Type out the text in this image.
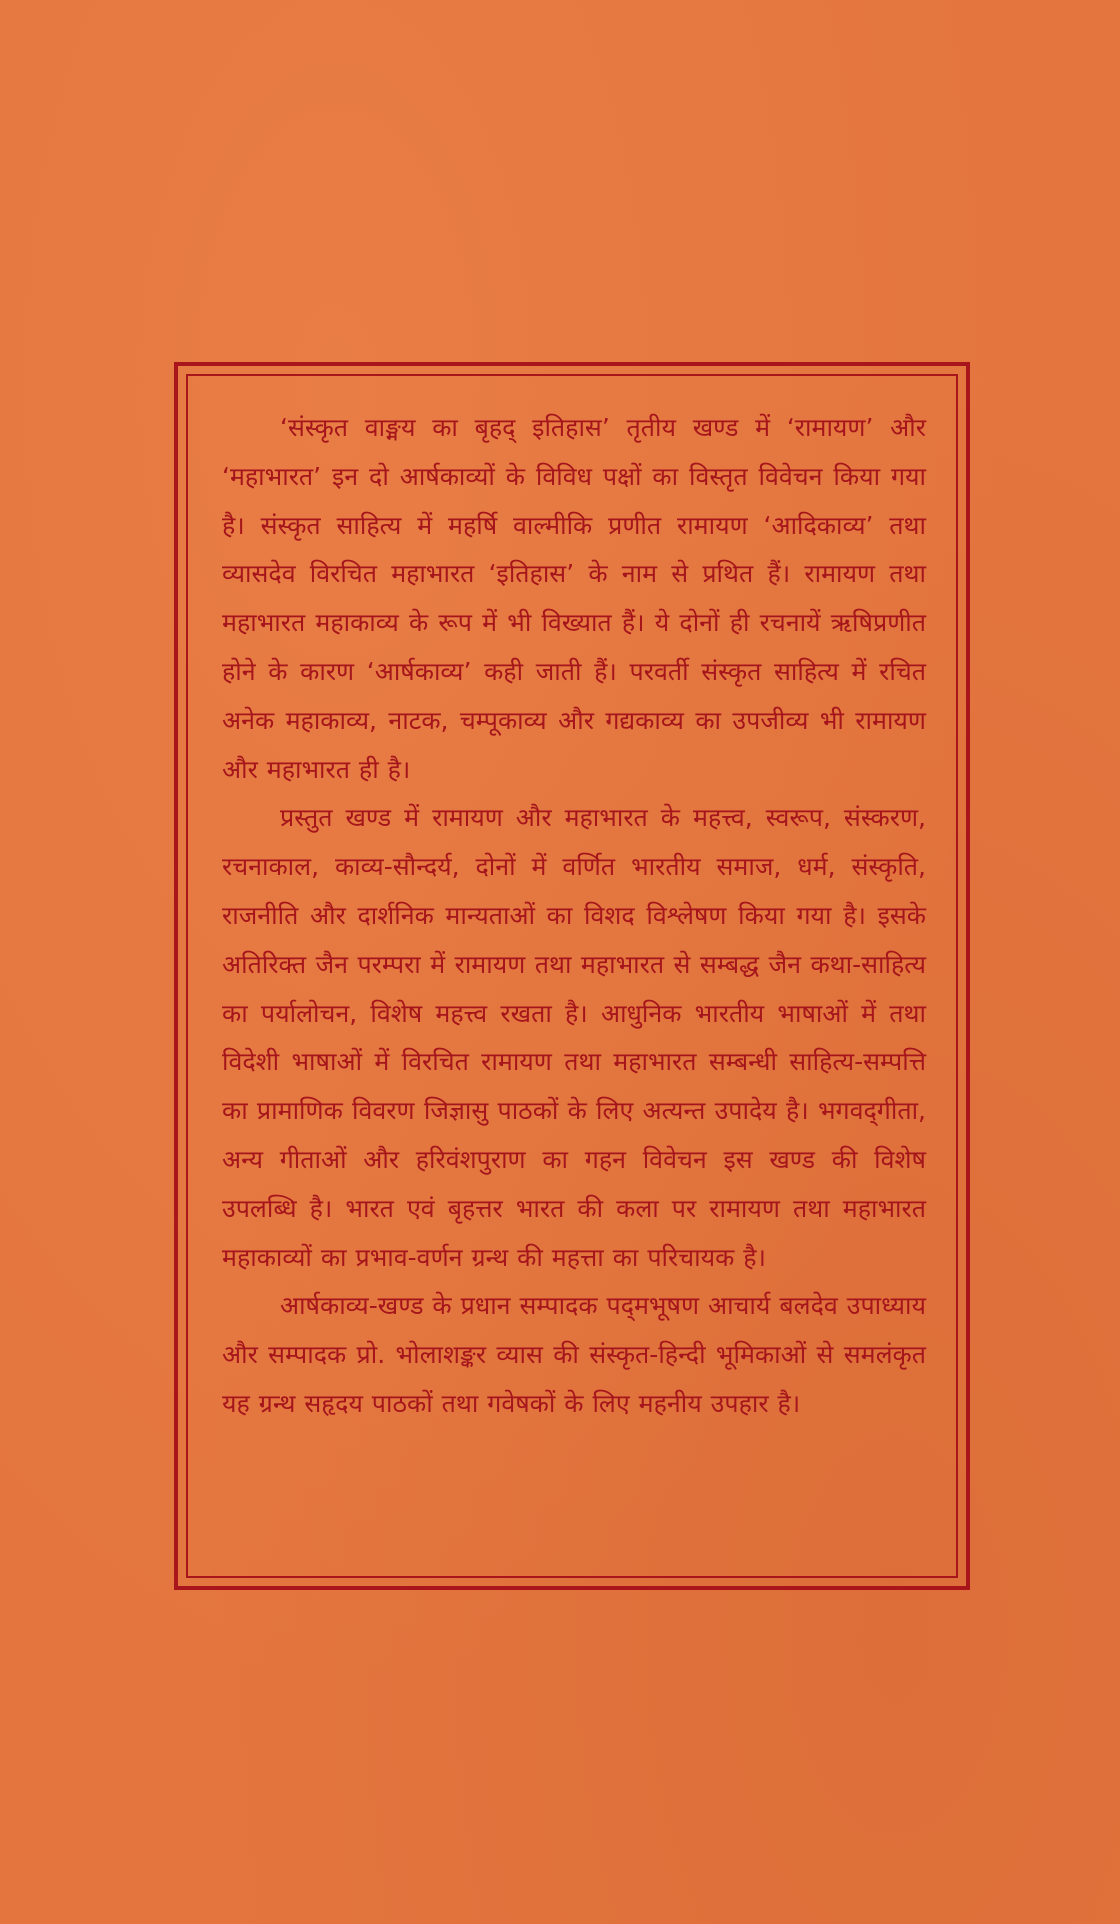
‘संस्कृत वाङ्मय का बृहद् इतिहास’ तृतीय खण्ड में ‘रामायण’ और ‘महाभारत’ इन दो आर्षकाव्यों के विविध पक्षों का विस्तृत विवेचन किया गया है। संस्कृत साहित्य में महर्षि वाल्मीकि प्रणीत रामायण ‘आदिकाव्य’ तथा व्यासदेव विरचित महाभारत ‘इतिहास’ के नाम से प्रथित हैं। रामायण तथा महाभारत महाकाव्य के रूप में भी विख्यात हैं। ये दोनों ही रचनायें ऋषिप्रणीत होने के कारण ‘आर्षकाव्य’ कही जाती हैं। परवर्ती संस्कृत साहित्य में रचित अनेक महाकाव्य, नाटक, चम्पूकाव्य और गद्यकाव्य का उपजीव्य भी रामायण और महाभारत ही है।

प्रस्तुत खण्ड में रामायण और महाभारत के महत्त्व, स्वरूप, संस्करण, रचनाकाल, काव्य-सौन्दर्य, दोनों में वर्णित भारतीय समाज, धर्म, संस्कृति, राजनीति और दार्शनिक मान्यताओं का विशद विश्लेषण किया गया है। इसके अतिरिक्त जैन परम्परा में रामायण तथा महाभारत से सम्बद्ध जैन कथा-साहित्य का पर्यालोचन, विशेष महत्त्व रखता है। आधुनिक भारतीय भाषाओं में तथा विदेशी भाषाओं में विरचित रामायण तथा महाभारत सम्बन्धी साहित्य-सम्पत्ति का प्रामाणिक विवरण जिज्ञासु पाठकों के लिए अत्यन्त उपादेय है। भगवद्‌गीता, अन्य गीताओं और हरिवंशपुराण का गहन विवेचन इस खण्ड की विशेष उपलब्धि है। भारत एवं बृहत्तर भारत की कला पर रामायण तथा महाभारत महाकाव्यों का प्रभाव-वर्णन ग्रन्थ की महत्ता का परिचायक है।

आर्षकाव्य-खण्ड के प्रधान सम्पादक पद्‌मभूषण आचार्य बलदेव उपाध्याय और सम्पादक प्रो. भोलाशङ्कर व्यास की संस्कृत-हिन्दी भूमिकाओं से समलंकृत यह ग्रन्थ सहृदय पाठकों तथा गवेषकों के लिए महनीय उपहार है।
